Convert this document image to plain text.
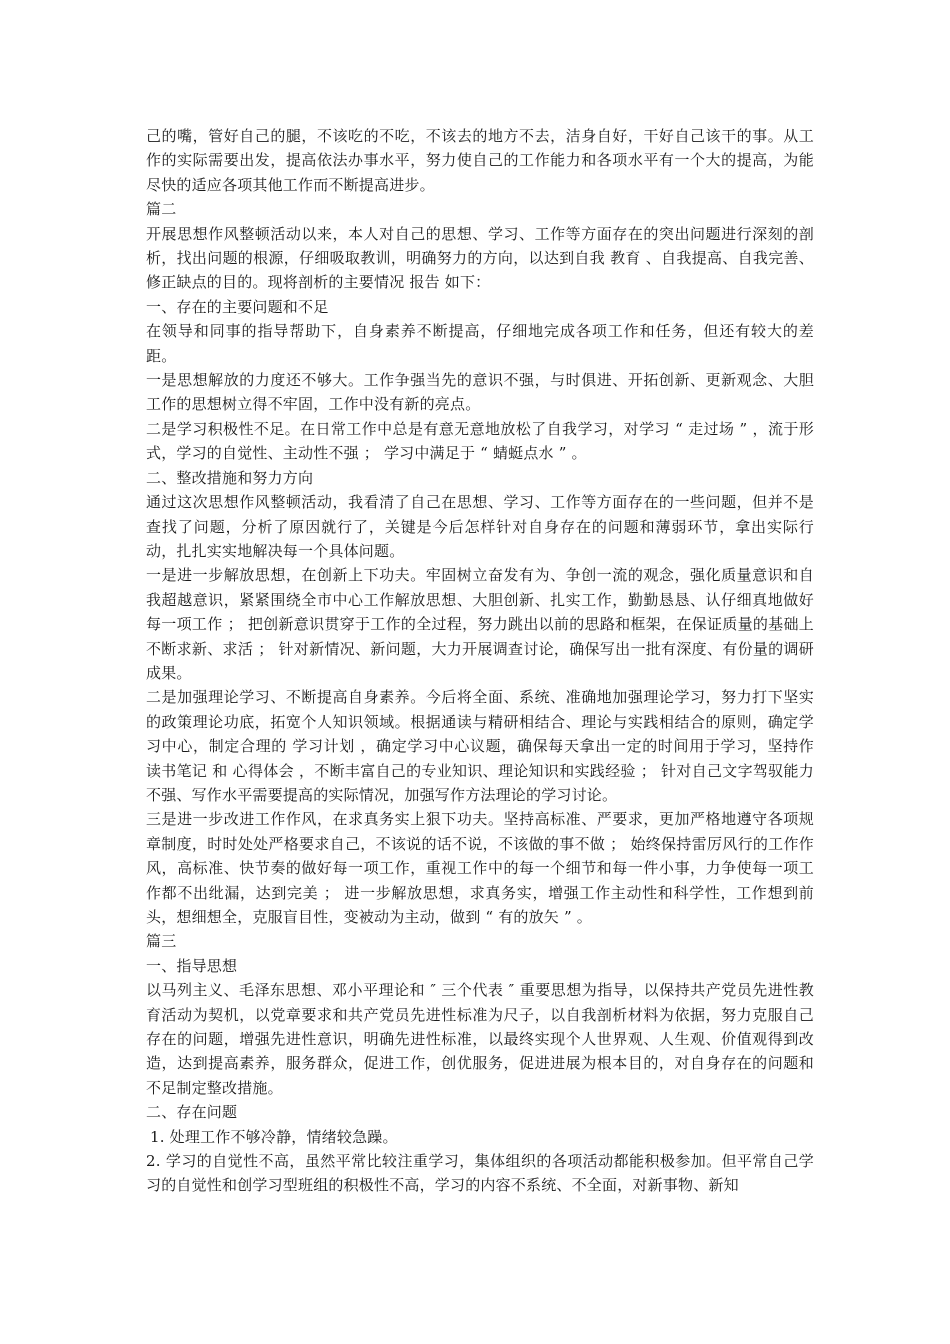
己的嘴，管好自己的腿，不该吃的不吃，不该去的地方不去，洁身自好，干好自己该干的事。从工作的实际需要出发，提高依法办事水平，努力使自己的工作能力和各项水平有一个大的提高，为能尽快的适应各项其他工作而不断提高进步。

篇二

开展思想作风整顿活动以来，本人对自己的思想、学习、工作等方面存在的突出问题进行深刻的剖析，找出问题的根源，仔细吸取教训，明确努力的方向，以达到自我 教育 、自我提高、自我完善、修正缺点的目的。现将剖析的主要情况 报告 如下：

一、存在的主要问题和不足

在领导和同事的指导帮助下，自身素养不断提高，仔细地完成各项工作和任务，但还有较大的差距。

一是思想解放的力度还不够大。工作争强当先的意识不强，与时俱进、开拓创新、更新观念、大胆工作的思想树立得不牢固，工作中没有新的亮点。

二是学习积极性不足。在日常工作中总是有意无意地放松了自我学习，对学习 “ 走过场 ” ，流于形式，学习的自觉性、主动性不强 ； 学习中满足于 “ 蜻蜓点水 ” 。

二、整改措施和努力方向

通过这次思想作风整顿活动，我看清了自己在思想、学习、工作等方面存在的一些问题，但并不是查找了问题，分析了原因就行了，关键是今后怎样针对自身存在的问题和薄弱环节，拿出实际行动，扎扎实实地解决每一个具体问题。

一是进一步解放思想，在创新上下功夫。牢固树立奋发有为、争创一流的观念，强化质量意识和自我超越意识，紧紧围绕全市中心工作解放思想、大胆创新、扎实工作，勤勤恳恳、认仔细真地做好每一项工作 ； 把创新意识贯穿于工作的全过程，努力跳出以前的思路和框架，在保证质量的基础上不断求新、求活 ； 针对新情况、新问题，大力开展调查讨论，确保写出一批有深度、有份量的调研成果。

二是加强理论学习、不断提高自身素养。今后将全面、系统、准确地加强理论学习，努力打下坚实的政策理论功底，拓宽个人知识领域。根据通读与精研相结合、理论与实践相结合的原则，确定学习中心，制定合理的 学习计划 ，确定学习中心议题，确保每天拿出一定的时间用于学习，坚持作 读书笔记 和 心得体会 ，不断丰富自己的专业知识、理论知识和实践经验 ； 针对自己文字驾驭能力不强、写作水平需要提高的实际情况，加强写作方法理论的学习讨论。

三是进一步改进工作作风，在求真务实上狠下功夫。坚持高标准、严要求，更加严格地遵守各项规章制度，时时处处严格要求自己，不该说的话不说，不该做的事不做 ； 始终保持雷厉风行的工作作风，高标准、快节奏的做好每一项工作，重视工作中的每一个细节和每一件小事，力争使每一项工作都不出纰漏，达到完美 ； 进一步解放思想，求真务实，增强工作主动性和科学性，工作想到前头，想细想全，克服盲目性，变被动为主动，做到 “ 有的放矢 ” 。

篇三

一、指导思想

以马列主义、毛泽东思想、邓小平理论和 ″ 三个代表 ″ 重要思想为指导，以保持共产党员先进性教育活动为契机，以党章要求和共产党员先进性标准为尺子，以自我剖析材料为依据，努力克服自己存在的问题，增强先进性意识，明确先进性标准，以最终实现个人世界观、人生观、价值观得到改造，达到提高素养，服务群众，促进工作，创优服务，促进进展为根本目的，对自身存在的问题和不足制定整改措施。

二、存在问题

1. 处理工作不够冷静，情绪较急躁。

2. 学习的自觉性不高，虽然平常比较注重学习，集体组织的各项活动都能积极参加。但平常自己学习的自觉性和创学习型班组的积极性不高，学习的内容不系统、不全面，对新事物、新知
